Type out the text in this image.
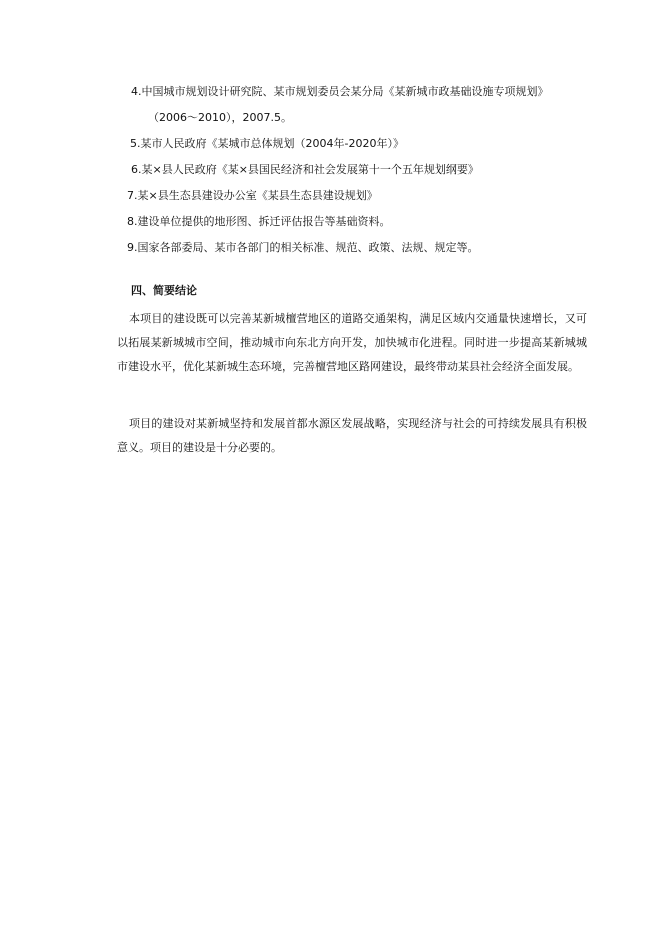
4.中国城市规划设计研究院、某市规划委员会某分局《某新城市政基础设施专项规划》
（2006～2010），2007.5。
5.某市人民政府《某城市总体规划（2004年-2020年）》
6.某×县人民政府《某×县国民经济和社会发展第十一个五年规划纲要》
7.某×县生态县建设办公室《某县生态县建设规划》
8.建设单位提供的地形图、拆迁评估报告等基础资料。
9.国家各部委局、某市各部门的相关标准、规范、政策、法规、规定等。
四、简要结论
本项目的建设既可以完善某新城檀营地区的道路交通架构，满足区域内交通量快速增长，又可以拓展某新城城市空间，推动城市向东北方向开发，加快城市化进程。同时进一步提高某新城城市建设水平，优化某新城生态环境，完善檀营地区路网建设，最终带动某县社会经济全面发展。
项目的建设对某新城坚持和发展首都水源区发展战略，实现经济与社会的可持续发展具有积极意义。项目的建设是十分必要的。
